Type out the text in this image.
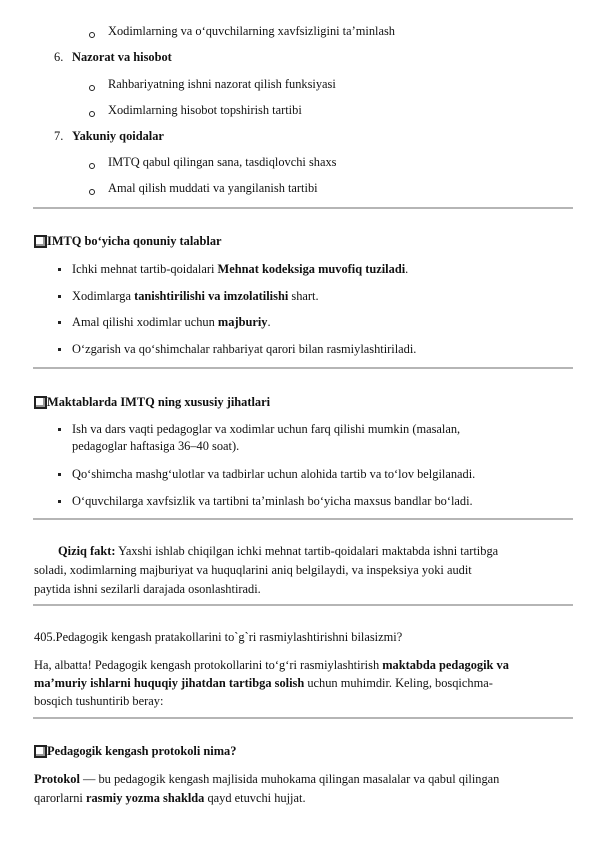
Xodimlarning va o‘quvchilarning xavfsizligini ta’minlash
6. Nazorat va hisobot
Rahbariyatning ishni nazorat qilish funksiyasi
Xodimlarning hisobot topshirish tartibi
7. Yakuniy qoidalar
IMTQ qabul qilingan sana, tasdiqlovchi shaxs
Amal qilish muddati va yangilanish tartibi
IMTQ bo‘yicha qonuniy talablar
Ichki mehnat tartib-qoidalari Mehnat kodeksiga muvofiq tuziladi.
Xodimlarga tanishtirilishi va imzolatilishi shart.
Amal qilishi xodimlar uchun majburiy.
O‘zgarish va qo‘shimchalar rahbariyat qarori bilan rasmiylashtiriladi.
Maktablarda IMTQ ning xususiy jihatlari
Ish va dars vaqti pedagoglar va xodimlar uchun farq qilishi mumkin (masalan,
pedagoglar haftasiga 36–40 soat).
Qo‘shimcha mashg‘ulotlar va tadbirlar uchun alohida tartib va to‘lov belgilanadi.
O‘quvchilarga xavfsizlik va tartibni ta’minlash bo‘yicha maxsus bandlar bo‘ladi.
Qiziq fakt: Yaxshi ishlab chiqilgan ichki mehnat tartib-qoidalari maktabda ishni tartibga
soladi, xodimlarning majburiyat va huquqlarini aniq belgilaydi, va inspeksiya yoki audit
paytida ishni sezilarli darajada osonlashtiradi.
405.Pedagogik kengash pratakollarini to`g`ri rasmiylashtirishni bilasizmi?
Ha, albatta! Pedagogik kengash protokollarini to‘g‘ri rasmiylashtirish maktabda pedagogik va
ma’muriy ishlarni huquqiy jihatdan tartibga solish uchun muhimdir. Keling, bosqichma-
bosqich tushuntirib beray:
Pedagogik kengash protokoli nima?
Protokol — bu pedagogik kengash majlisida muhokama qilingan masalalar va qabul qilingan
qarorlarni rasmiy yozma shaklda qayd etuvchi hujjat.
